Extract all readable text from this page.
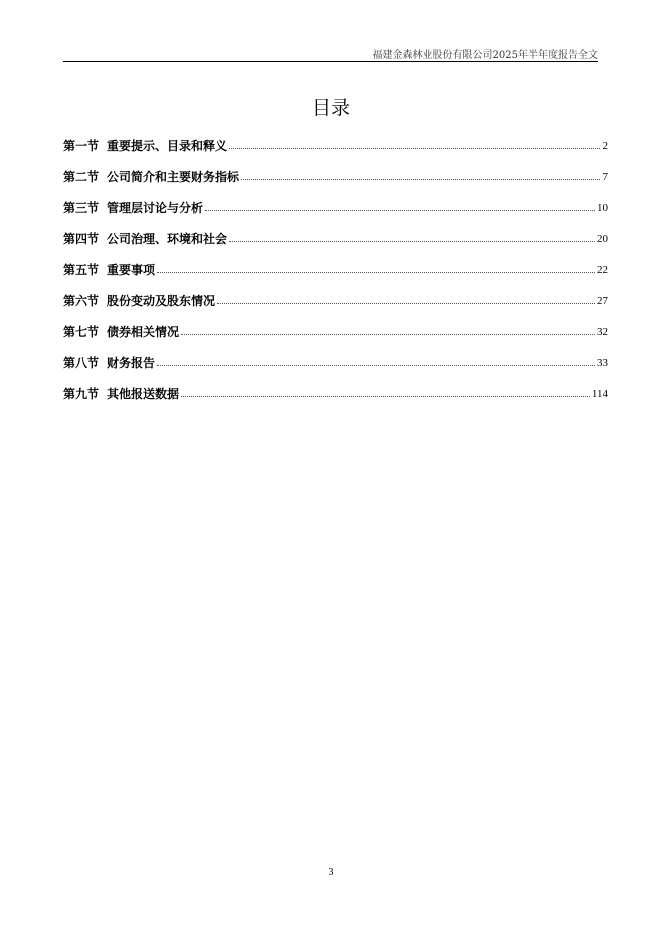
福建金森林业股份有限公司2025年半年度报告全文
目录
第一节 重要提示、目录和释义	2
第二节 公司简介和主要财务指标	7
第三节 管理层讨论与分析	10
第四节 公司治理、环境和社会	20
第五节 重要事项	22
第六节 股份变动及股东情况	27
第七节 债券相关情况	32
第八节 财务报告	33
第九节 其他报送数据	114
3
